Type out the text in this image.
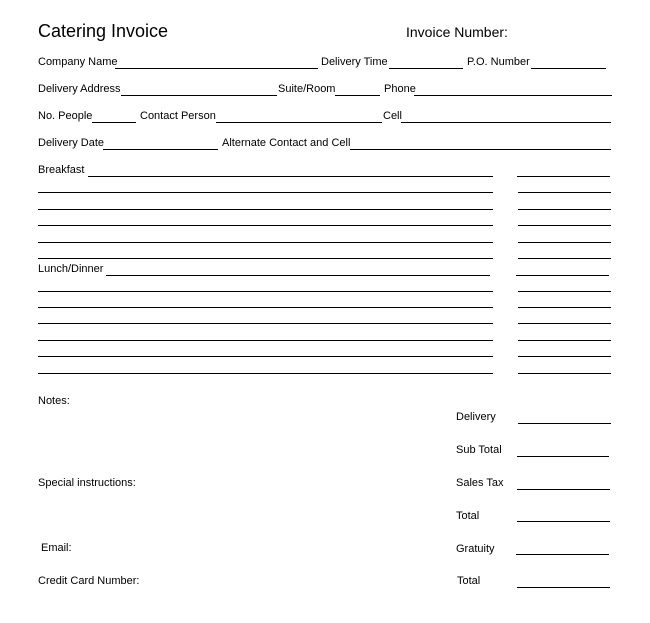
Catering Invoice	Invoice Number:
Company Name	Delivery Time	P.O. Number
Delivery Address	Suite/Room	Phone
No. People	Contact Person	Cell
Delivery Date	Alternate Contact and Cell
Breakfast
Lunch/Dinner
Notes:
Special instructions:
Email:
Credit Card Number:
Delivery
Sub Total
Sales Tax
Total
Gratuity
Total
